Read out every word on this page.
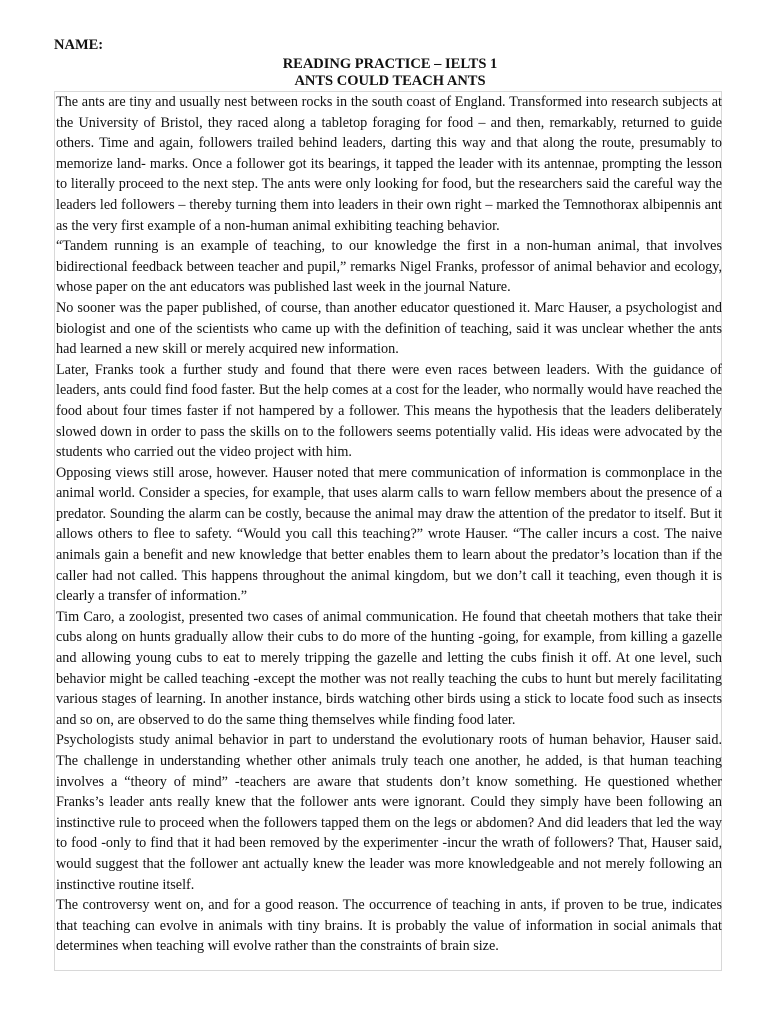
NAME:
READING PRACTICE – IELTS 1
ANTS COULD TEACH ANTS

The ants are tiny and usually nest between rocks in the south coast of England. Transformed into research subjects at the University of Bristol, they raced along a tabletop foraging for food – and then, remarkably, returned to guide others. Time and again, followers trailed behind leaders, darting this way and that along the route, presumably to memorize land- marks. Once a follower got its bearings, it tapped the leader with its antennae, prompting the lesson to literally proceed to the next step. The ants were only looking for food, but the researchers said the careful way the leaders led followers – thereby turning them into leaders in their own right – marked the Temnothorax albipennis ant as the very first example of a non-human animal exhibiting teaching behavior.

“Tandem running is an example of teaching, to our knowledge the first in a non-human animal, that involves bidirectional feedback between teacher and pupil,” remarks Nigel Franks, professor of animal behavior and ecology, whose paper on the ant educators was published last week in the journal Nature.

No sooner was the paper published, of course, than another educator questioned it. Marc Hauser, a psychologist and biologist and one of the scientists who came up with the definition of teaching, said it was unclear whether the ants had learned a new skill or merely acquired new information.

Later, Franks took a further study and found that there were even races between leaders. With the guidance of leaders, ants could find food faster. But the help comes at a cost for the leader, who normally would have reached the food about four times faster if not hampered by a follower. This means the hypothesis that the leaders deliberately slowed down in order to pass the skills on to the followers seems potentially valid. His ideas were advocated by the students who carried out the video project with him.

Opposing views still arose, however. Hauser noted that mere communication of information is commonplace in the animal world. Consider a species, for example, that uses alarm calls to warn fellow members about the presence of a predator. Sounding the alarm can be costly, because the animal may draw the attention of the predator to itself. But it allows others to flee to safety. “Would you call this teaching?” wrote Hauser. “The caller incurs a cost. The naive animals gain a benefit and new knowledge that better enables them to learn about the predator’s location than if the caller had not called. This happens throughout the animal kingdom, but we don’t call it teaching, even though it is clearly a transfer of information.”

Tim Caro, a zoologist, presented two cases of animal communication. He found that cheetah mothers that take their cubs along on hunts gradually allow their cubs to do more of the hunting -going, for example, from killing a gazelle and allowing young cubs to eat to merely tripping the gazelle and letting the cubs finish it off. At one level, such behavior might be called teaching -except the mother was not really teaching the cubs to hunt but merely facilitating various stages of learning. In another instance, birds watching other birds using a stick to locate food such as insects and so on, are observed to do the same thing themselves while finding food later.

Psychologists study animal behavior in part to understand the evolutionary roots of human behavior, Hauser said. The challenge in understanding whether other animals truly teach one another, he added, is that human teaching involves a “theory of mind” -teachers are aware that students don’t know something. He questioned whether Franks’s leader ants really knew that the follower ants were ignorant. Could they simply have been following an instinctive rule to proceed when the followers tapped them on the legs or abdomen? And did leaders that led the way to food -only to find that it had been removed by the experimenter -incur the wrath of followers? That, Hauser said, would suggest that the follower ant actually knew the leader was more knowledgeable and not merely following an instinctive routine itself.

The controversy went on, and for a good reason. The occurrence of teaching in ants, if proven to be true, indicates that teaching can evolve in animals with tiny brains. It is probably the value of information in social animals that determines when teaching will evolve rather than the constraints of brain size.
